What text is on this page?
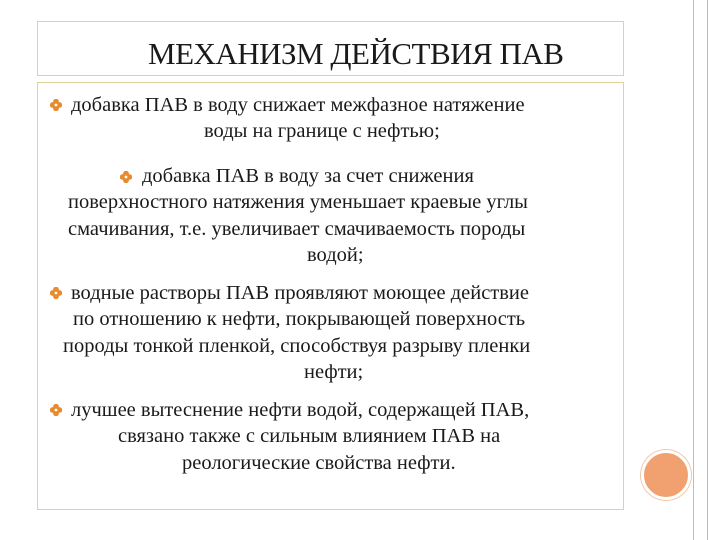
МЕХАНИЗМ ДЕЙСТВИЯ ПАВ
добавка ПАВ в воду снижает межфазное натяжение
воды на границе с нефтью;
добавка ПАВ в воду за счет снижения
поверхностного натяжения уменьшает краевые углы
смачивания, т.е. увеличивает смачиваемость породы
водой;
водные растворы ПАВ проявляют моющее действие
по отношению к нефти, покрывающей поверхность
породы тонкой пленкой, способствуя разрыву пленки
нефти;
лучшее вытеснение нефти водой, содержащей ПАВ,
связано также с сильным влиянием ПАВ на
реологические свойства нефти.
